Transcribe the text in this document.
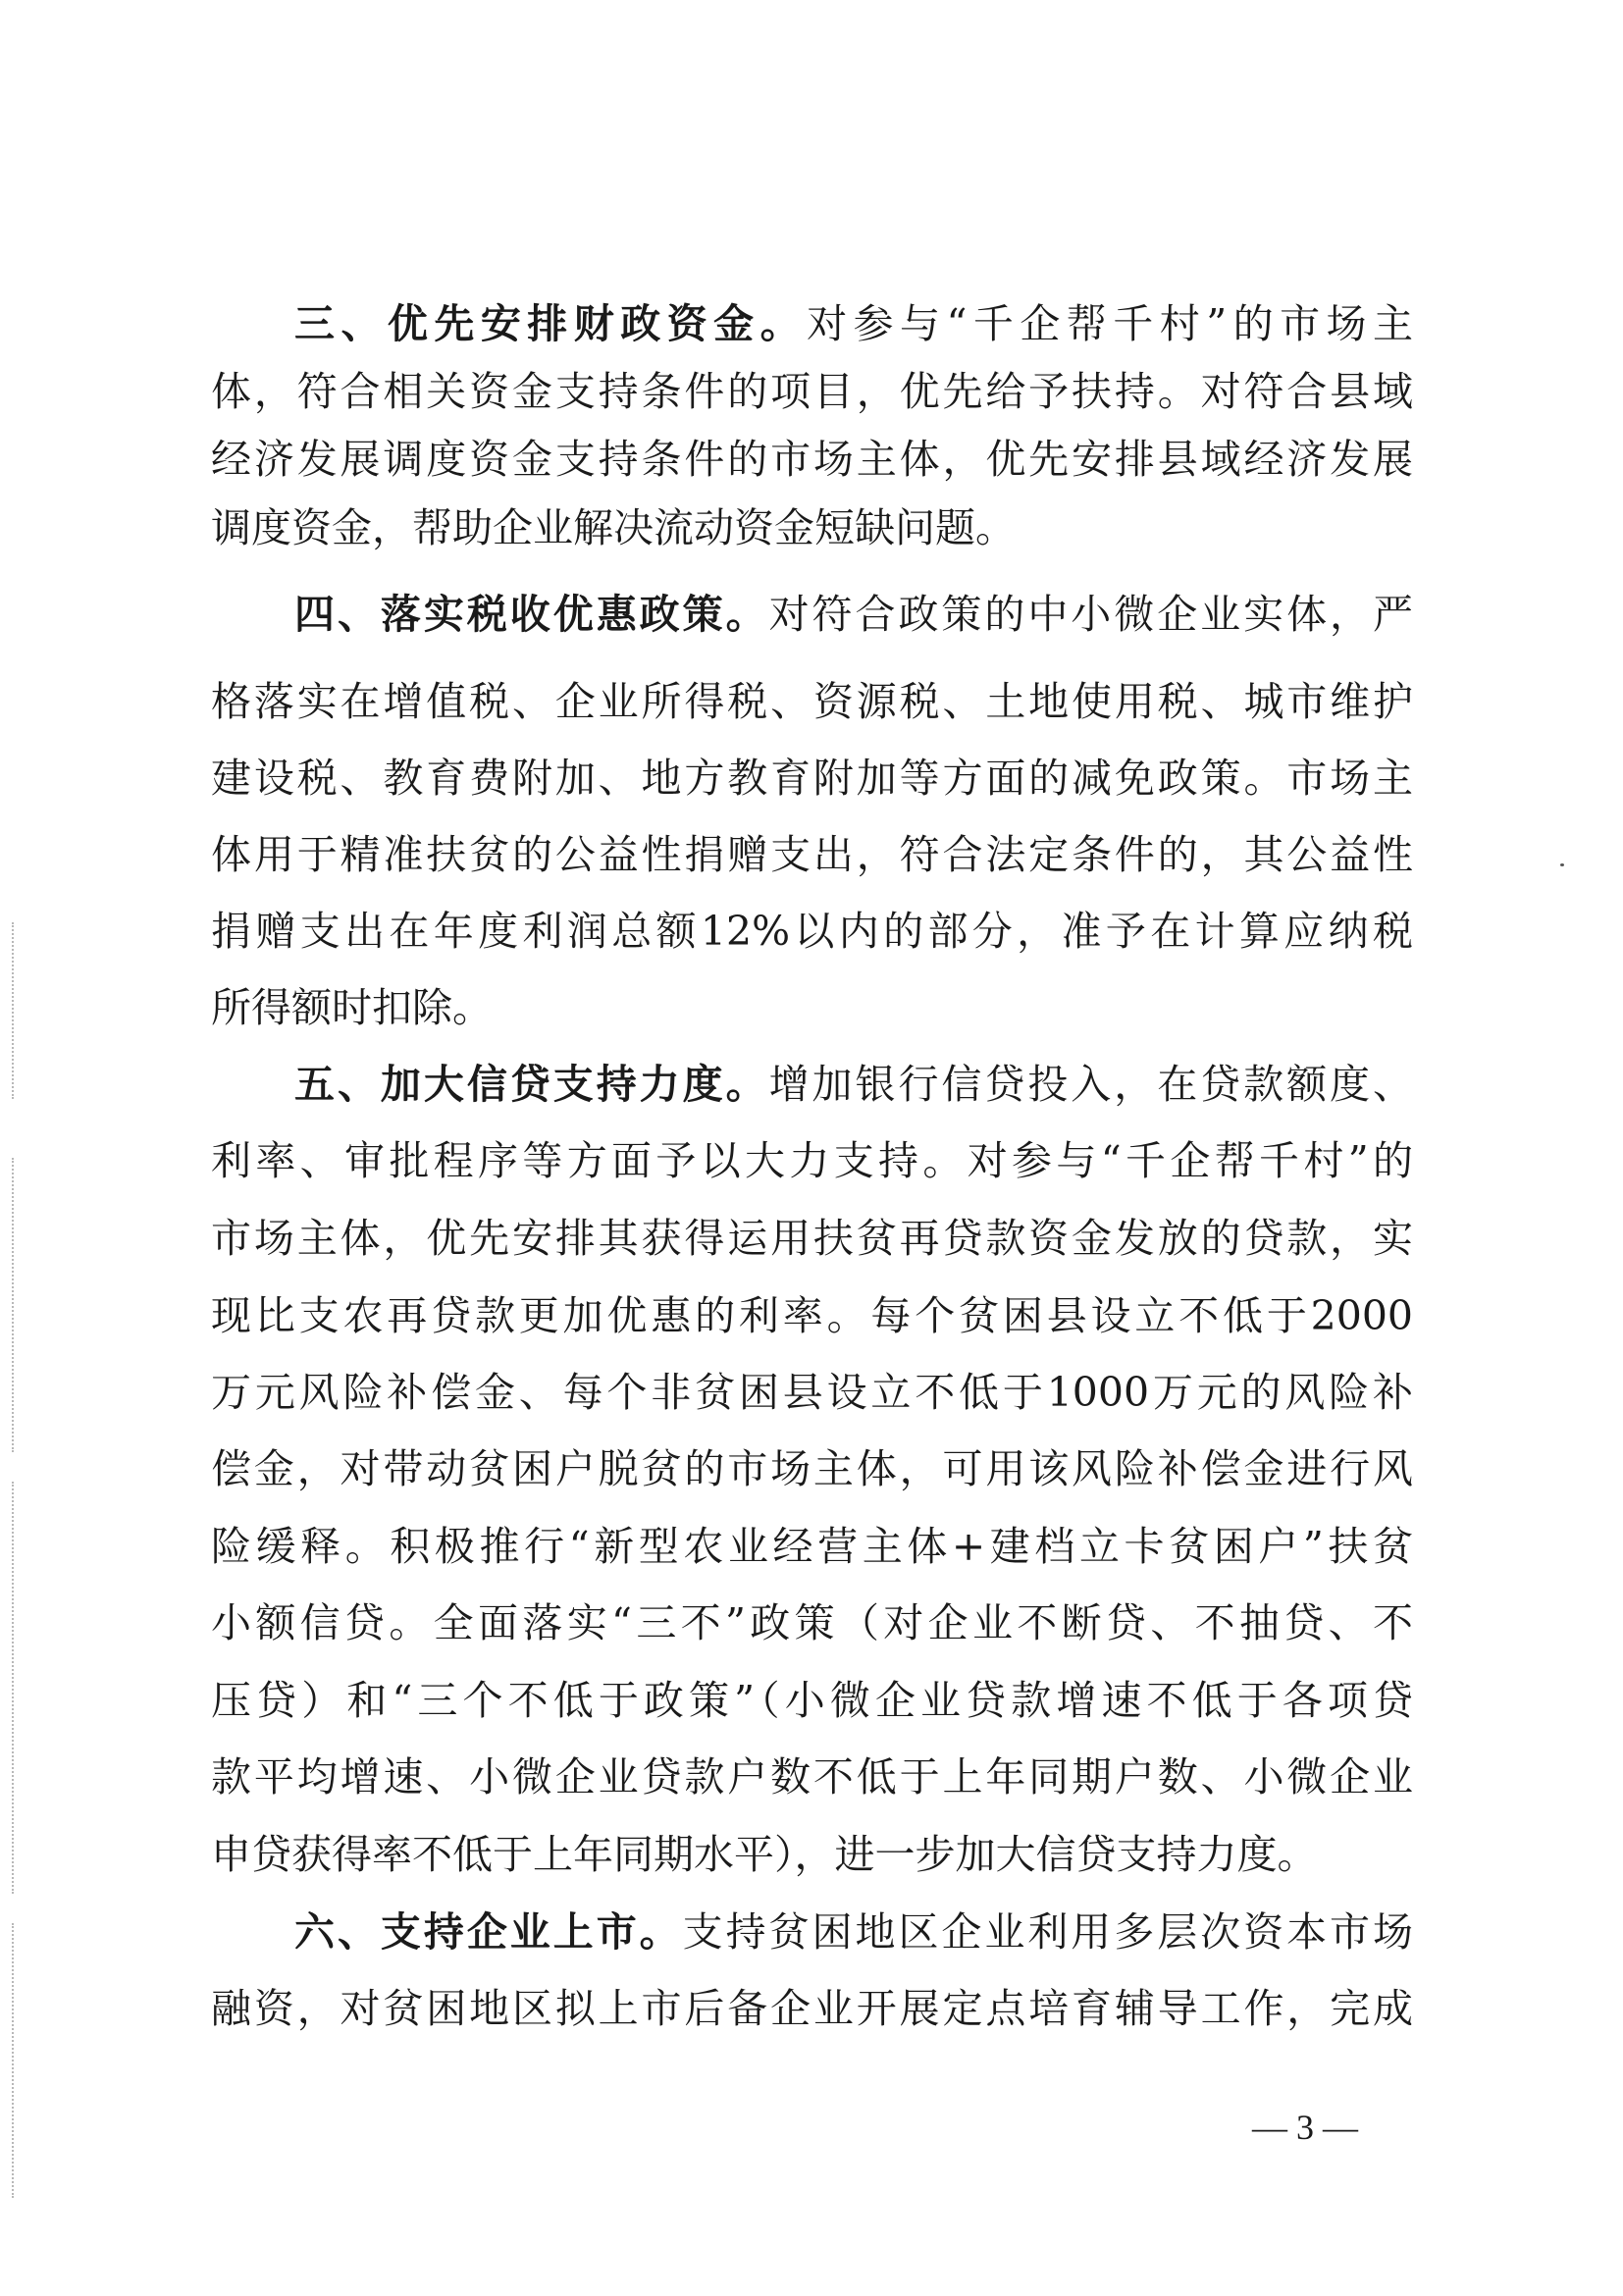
三、优先安排财政资金。对参与“千企帮千村”的市场主
体，符合相关资金支持条件的项目，优先给予扶持。对符合县域
经济发展调度资金支持条件的市场主体，优先安排县域经济发展
调度资金，帮助企业解决流动资金短缺问题。
四、落实税收优惠政策。对符合政策的中小微企业实体，严
格落实在增值税、企业所得税、资源税、土地使用税、城市维护
建设税、教育费附加、地方教育附加等方面的减免政策。市场主
体用于精准扶贫的公益性捐赠支出，符合法定条件的，其公益性
捐赠支出在年度利润总额12%以内的部分，准予在计算应纳税
所得额时扣除。
五、加大信贷支持力度。增加银行信贷投入，在贷款额度、
利率、审批程序等方面予以大力支持。对参与“千企帮千村”的
市场主体，优先安排其获得运用扶贫再贷款资金发放的贷款，实
现比支农再贷款更加优惠的利率。每个贫困县设立不低于2000
万元风险补偿金、每个非贫困县设立不低于1000万元的风险补
偿金，对带动贫困户脱贫的市场主体，可用该风险补偿金进行风
险缓释。积极推行“新型农业经营主体+建档立卡贫困户”扶贫
小额信贷。全面落实“三不”政策（对企业不断贷、不抽贷、不
压贷）和“三个不低于政策”（小微企业贷款增速不低于各项贷
款平均增速、小微企业贷款户数不低于上年同期户数、小微企业
申贷获得率不低于上年同期水平），进一步加大信贷支持力度。
六、支持企业上市。支持贫困地区企业利用多层次资本市场
融资，对贫困地区拟上市后备企业开展定点培育辅导工作，完成
— 3 —
